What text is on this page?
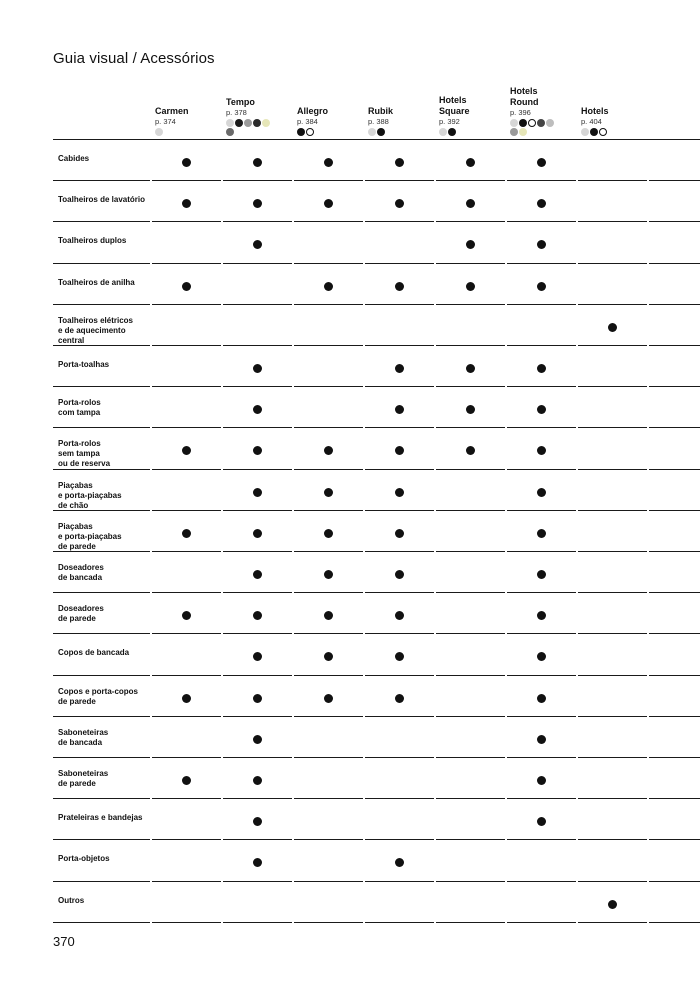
Guia visual / Acessórios
Carmen
p. 374
Tempo
p. 378	Allegro
p. 384
Rubik
p. 388
Hotels
Square
p. 392
Hotels
Round
p. 396	Hotels
p. 404
Cabides
Toalheiros de lavatório
Toalheiros duplos
Toalheiros de anilha
Toalheiros elétricos
e de aquecimento
central
Porta-toalhas
Porta-rolos
com tampa
Porta-rolos
sem tampa
ou de reserva
Piaçabas
e porta-piaçabas
de chão
Piaçabas
e porta-piaçabas
de parede
Doseadores
de bancada
Doseadores
de parede
Copos de bancada
Copos e porta-copos
de parede
Saboneteiras
de bancada
Saboneteiras
de parede
Prateleiras e bandejas
Porta-objetos
Outros
370
